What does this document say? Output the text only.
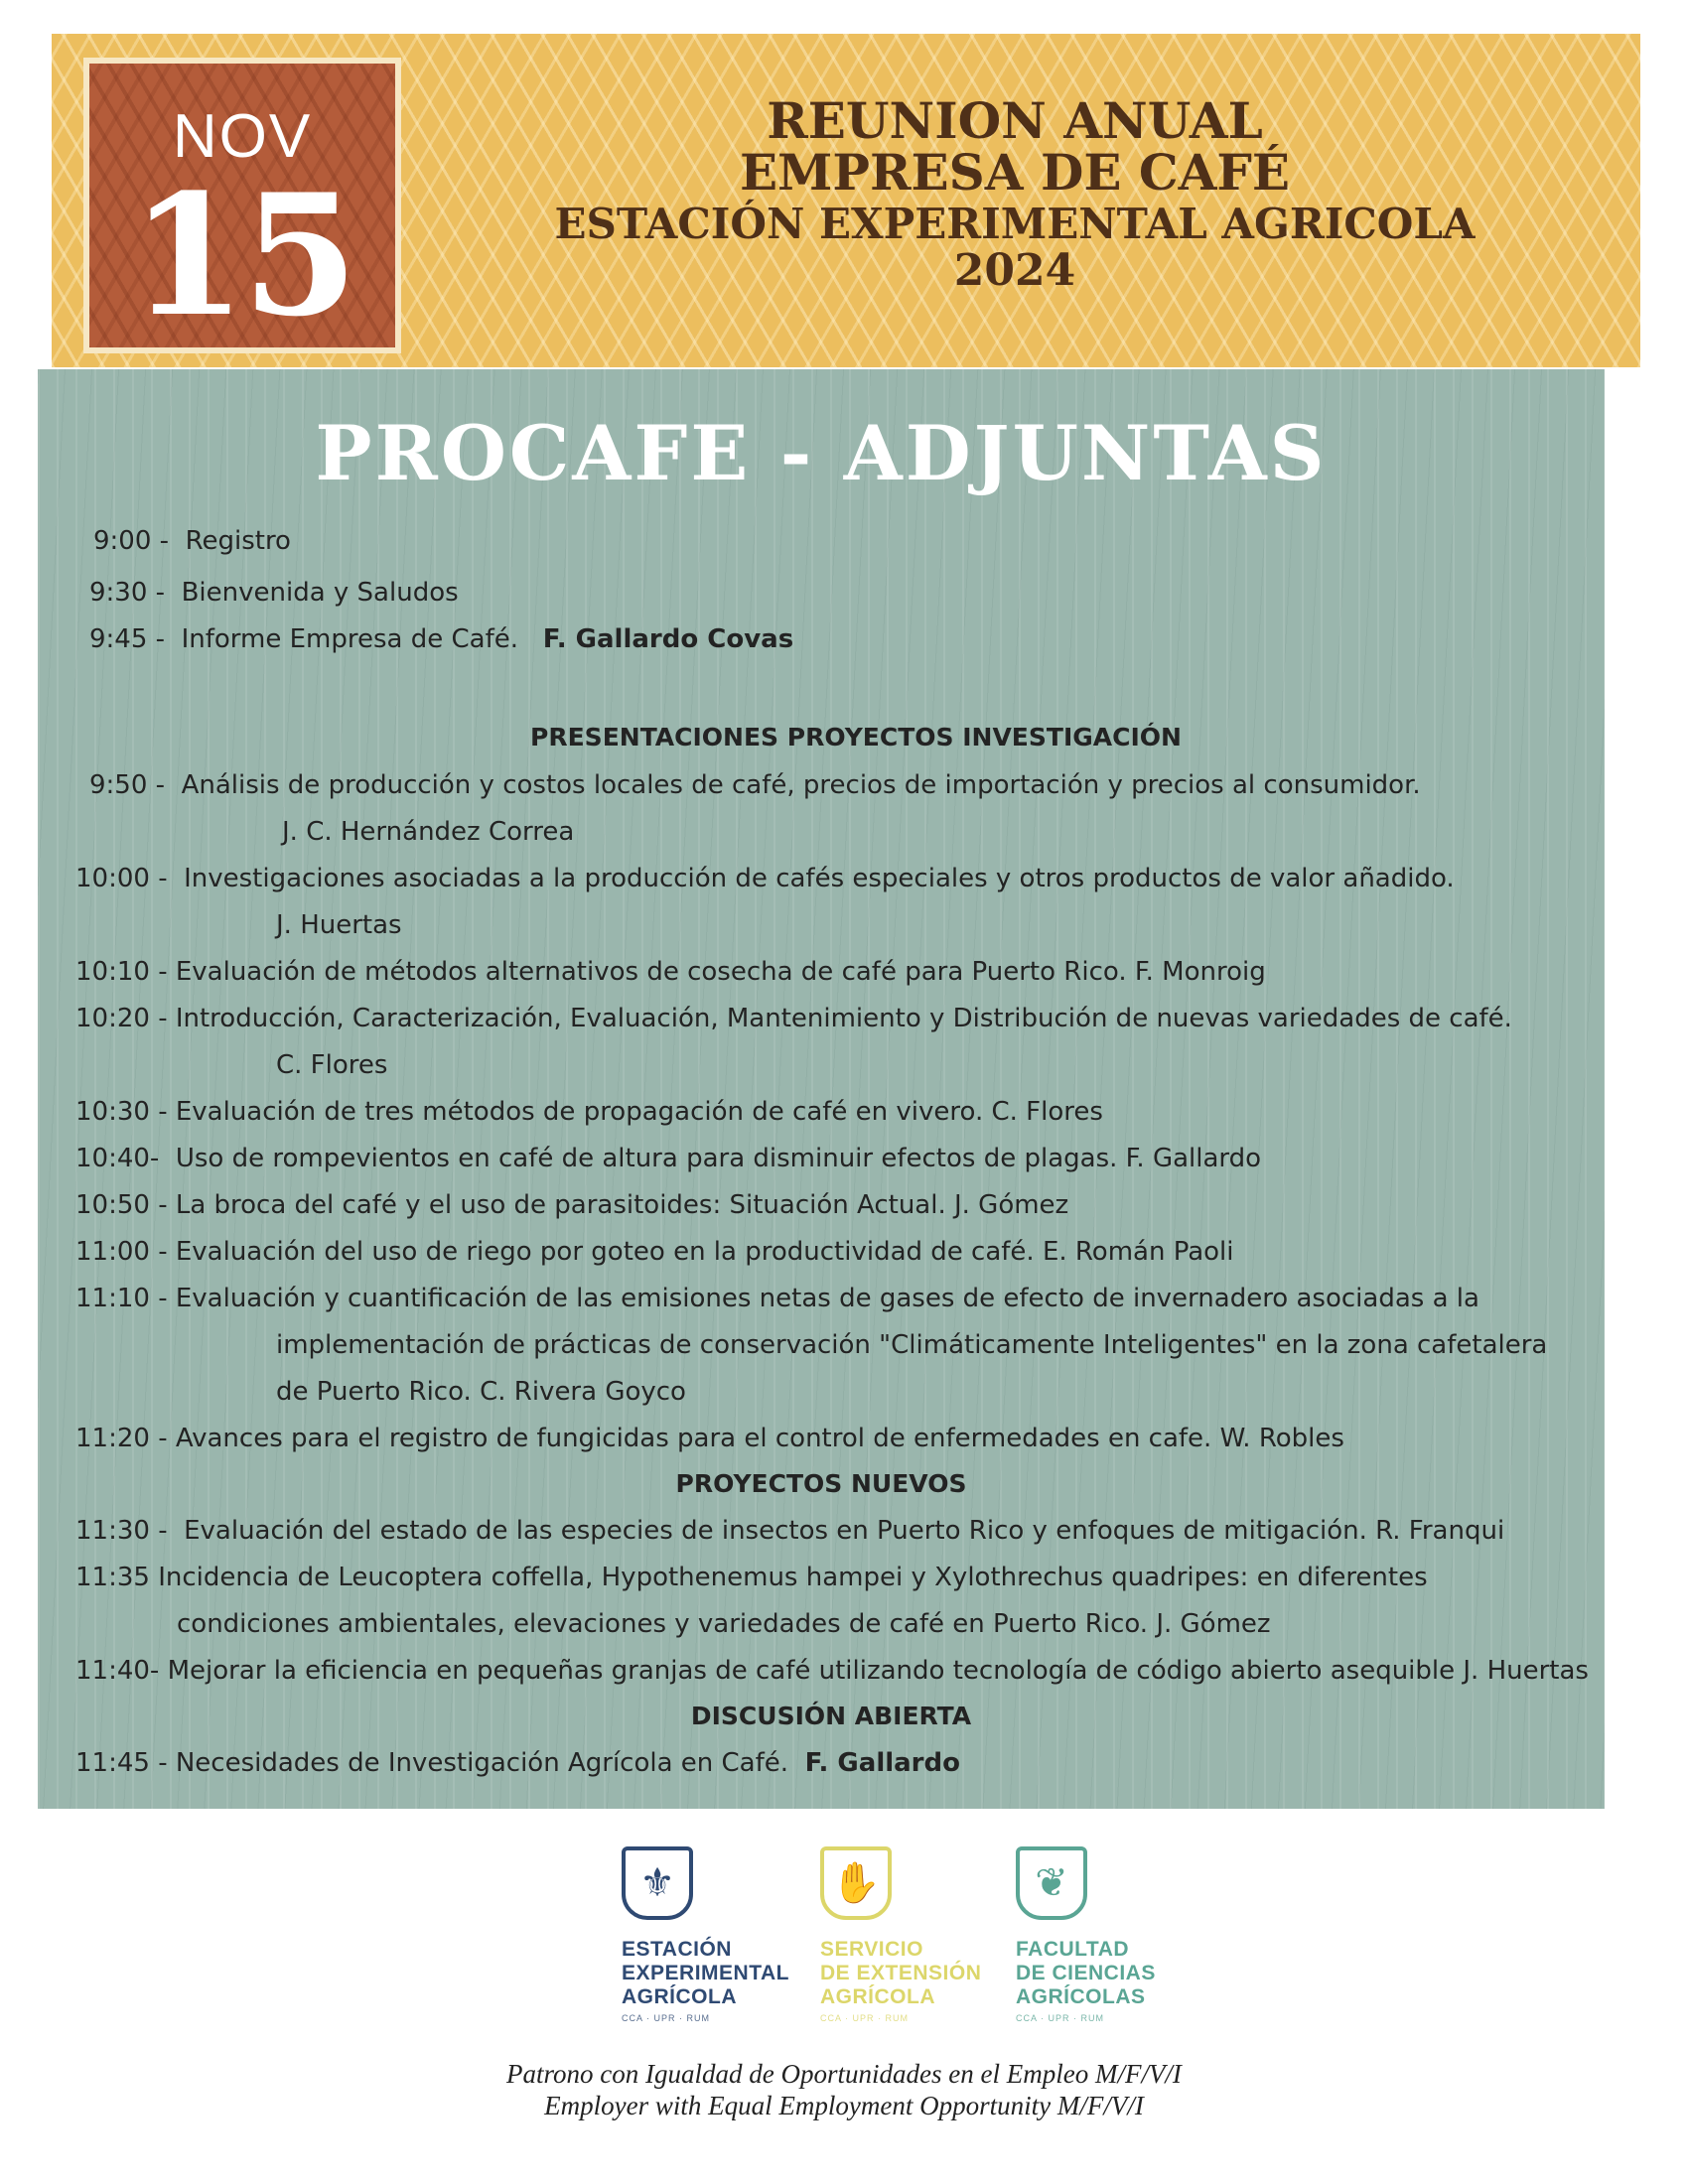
NOV
15
REUNION ANUAL
EMPRESA DE CAFÉ
ESTACIÓN EXPERIMENTAL AGRICOLA
2024
PROCAFE - ADJUNTAS
9:00 - Registro
9:30 - Bienvenida y Saludos
9:45 - Informe Empresa de Café. F. Gallardo Covas
PRESENTACIONES PROYECTOS INVESTIGACIÓN
9:50 - Análisis de producción y costos locales de café, precios de importación y precios al consumidor.
J. C. Hernández Correa
10:00 - Investigaciones asociadas a la producción de cafés especiales y otros productos de valor añadido.
J. Huertas
10:10 - Evaluación de métodos alternativos de cosecha de café para Puerto Rico. F. Monroig
10:20 - Introducción, Caracterización, Evaluación, Mantenimiento y Distribución de nuevas variedades de café.
C. Flores
10:30 - Evaluación de tres métodos de propagación de café en vivero. C. Flores
10:40- Uso de rompevientos en café de altura para disminuir efectos de plagas. F. Gallardo
10:50 - La broca del café y el uso de parasitoides: Situación Actual. J. Gómez
11:00 - Evaluación del uso de riego por goteo en la productividad de café. E. Román Paoli
11:10 - Evaluación y cuantificación de las emisiones netas de gases de efecto de invernadero asociadas a la
implementación de prácticas de conservación "Climáticamente Inteligentes" en la zona cafetalera
de Puerto Rico. C. Rivera Goyco
11:20 - Avances para el registro de fungicidas para el control de enfermedades en cafe. W. Robles
PROYECTOS NUEVOS
11:30 - Evaluación del estado de las especies de insectos en Puerto Rico y enfoques de mitigación. R. Franqui
11:35 Incidencia de Leucoptera coffella, Hypothenemus hampei y Xylothrechus quadripes: en diferentes
condiciones ambientales, elevaciones y variedades de café en Puerto Rico. J. Gómez
11:40- Mejorar la eficiencia en pequeñas granjas de café utilizando tecnología de código abierto asequible J. Huertas
DISCUSIÓN ABIERTA
11:45 - Necesidades de Investigación Agrícola en Café. F. Gallardo
⚜
ESTACIÓN
EXPERIMENTAL
AGRÍCOLA
CCA · UPR · RUM
✋
SERVICIO
DE EXTENSIÓN
AGRÍCOLA
CCA · UPR · RUM
❦
FACULTAD
DE CIENCIAS
AGRÍCOLAS
CCA · UPR · RUM
Patrono con Igualdad de Oportunidades en el Empleo M/F/V/I
Employer with Equal Employment Opportunity M/F/V/I
